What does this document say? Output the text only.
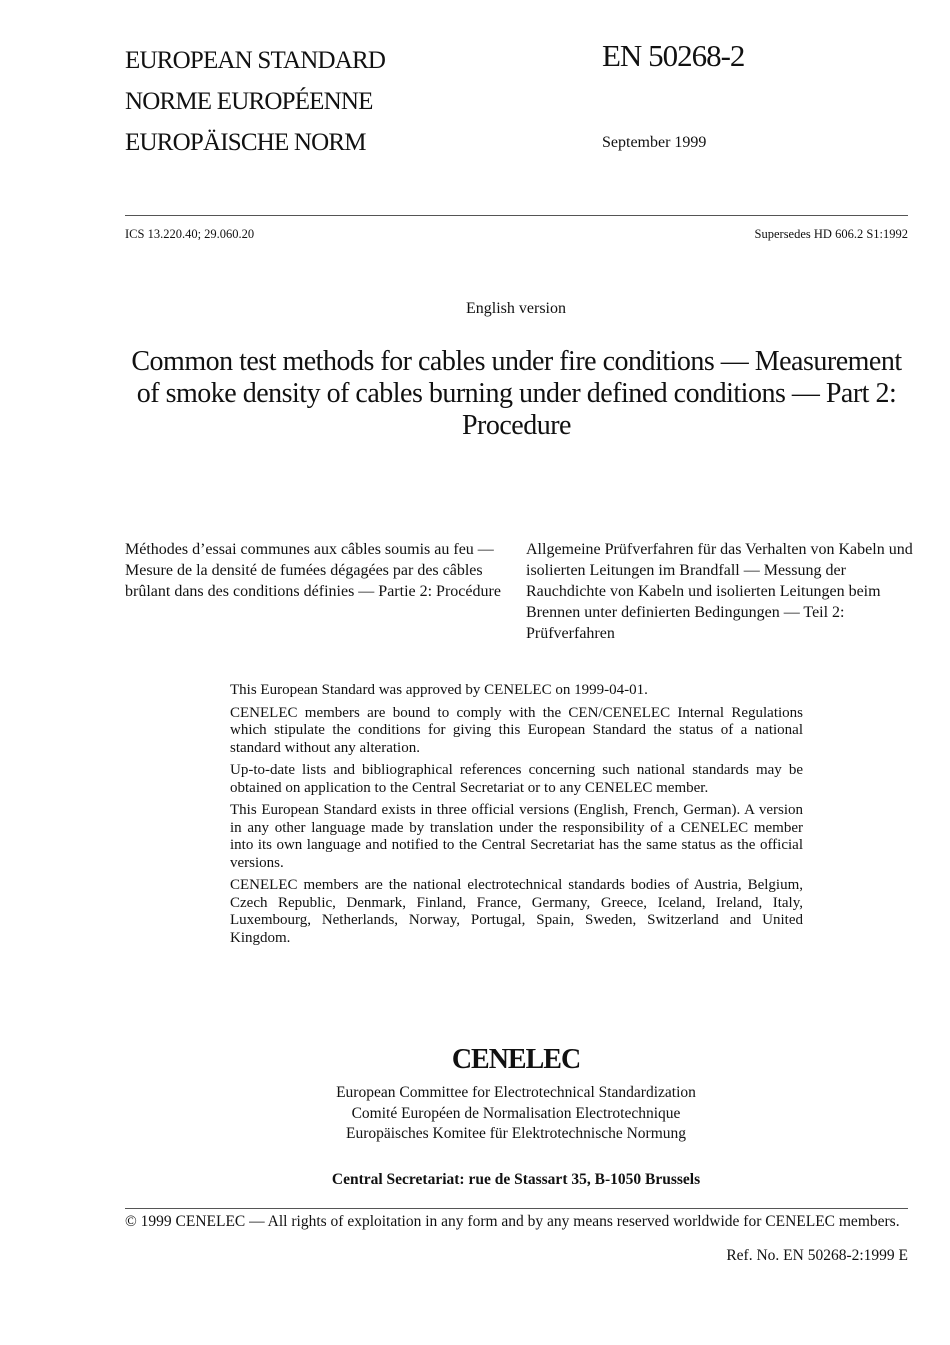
EUROPEAN STANDARD
NORME EUROPÉENNE
EUROPÄISCHE NORM
EN 50268-2
September 1999
ICS 13.220.40; 29.060.20	Supersedes HD 606.2 S1:1992
English version
Common test methods for cables under fire conditions — Measurement of smoke density of cables burning under defined conditions — Part 2: Procedure
Méthodes d’essai communes aux câbles soumis au feu — Mesure de la densité de fumées dégagées par des câbles brûlant dans des conditions définies — Partie 2: Procédure
Allgemeine Prüfverfahren für das Verhalten von Kabeln und isolierten Leitungen im Brandfall — Messung der Rauchdichte von Kabeln und isolierten Leitungen beim Brennen unter definierten Bedingungen — Teil 2: Prüfverfahren

This European Standard was approved by CENELEC on 1999-04-01.

CENELEC members are bound to comply with the CEN/CENELEC Internal Regulations which stipulate the conditions for giving this European Standard the status of a national standard without any alteration.

Up-to-date lists and bibliographical references concerning such national standards may be obtained on application to the Central Secretariat or to any CENELEC member.

This European Standard exists in three official versions (English, French, German). A version in any other language made by translation under the responsibility of a CENELEC member into its own language and notified to the Central Secretariat has the same status as the official versions.

CENELEC members are the national electrotechnical standards bodies of Austria, Belgium, Czech Republic, Denmark, Finland, France, Germany, Greece, Iceland, Ireland, Italy, Luxembourg, Netherlands, Norway, Portugal, Spain, Sweden, Switzerland and United Kingdom.

CENELEC
European Committee for Electrotechnical Standardization
Comité Européen de Normalisation Electrotechnique
Europäisches Komitee für Elektrotechnische Normung
Central Secretariat: rue de Stassart 35, B-1050 Brussels
© 1999 CENELEC — All rights of exploitation in any form and by any means reserved worldwide for CENELEC members.
Ref. No. EN 50268-2:1999 E
